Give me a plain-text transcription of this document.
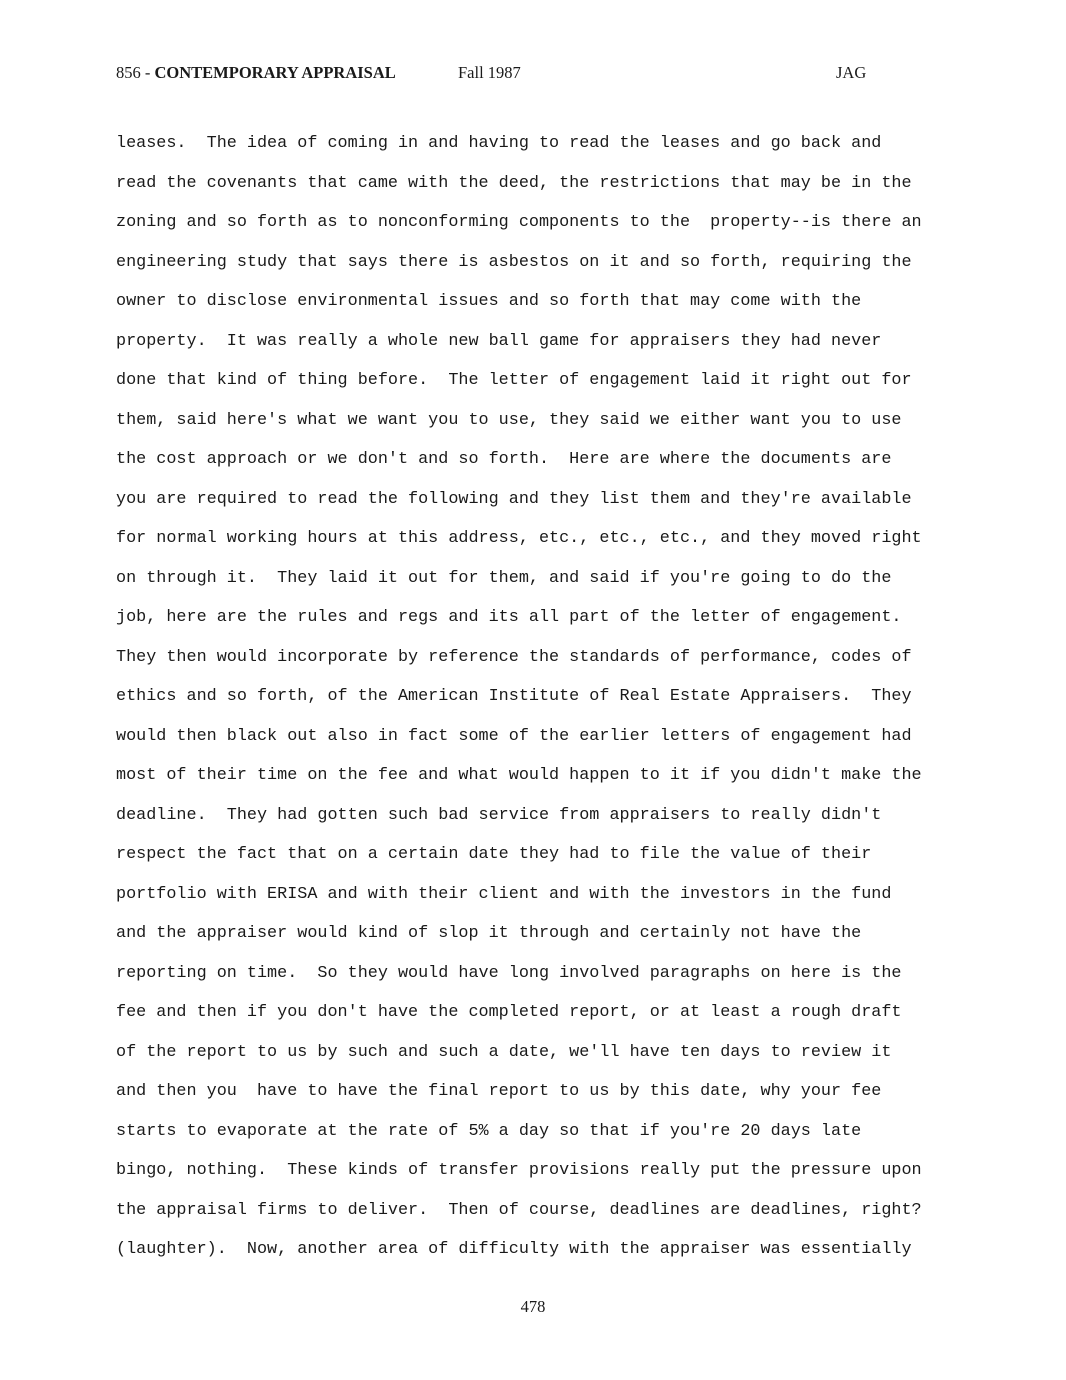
856 - CONTEMPORARY APPRAISAL	Fall 1987	JAG
leases.  The idea of coming in and having to read the leases and go back and
read the covenants that came with the deed, the restrictions that may be in the
zoning and so forth as to nonconforming components to the  property--is there an
engineering study that says there is asbestos on it and so forth, requiring the
owner to disclose environmental issues and so forth that may come with the
property.  It was really a whole new ball game for appraisers they had never
done that kind of thing before.  The letter of engagement laid it right out for
them, said here's what we want you to use, they said we either want you to use
the cost approach or we don't and so forth.  Here are where the documents are
you are required to read the following and they list them and they're available
for normal working hours at this address, etc., etc., etc., and they moved right
on through it.  They laid it out for them, and said if you're going to do the
job, here are the rules and regs and its all part of the letter of engagement.
They then would incorporate by reference the standards of performance, codes of
ethics and so forth, of the American Institute of Real Estate Appraisers.  They
would then black out also in fact some of the earlier letters of engagement had
most of their time on the fee and what would happen to it if you didn't make the
deadline.  They had gotten such bad service from appraisers to really didn't
respect the fact that on a certain date they had to file the value of their
portfolio with ERISA and with their client and with the investors in the fund
and the appraiser would kind of slop it through and certainly not have the
reporting on time.  So they would have long involved paragraphs on here is the
fee and then if you don't have the completed report, or at least a rough draft
of the report to us by such and such a date, we'll have ten days to review it
and then you  have to have the final report to us by this date, why your fee
starts to evaporate at the rate of 5% a day so that if you're 20 days late
bingo, nothing.  These kinds of transfer provisions really put the pressure upon
the appraisal firms to deliver.  Then of course, deadlines are deadlines, right?
(laughter).  Now, another area of difficulty with the appraiser was essentially
478
